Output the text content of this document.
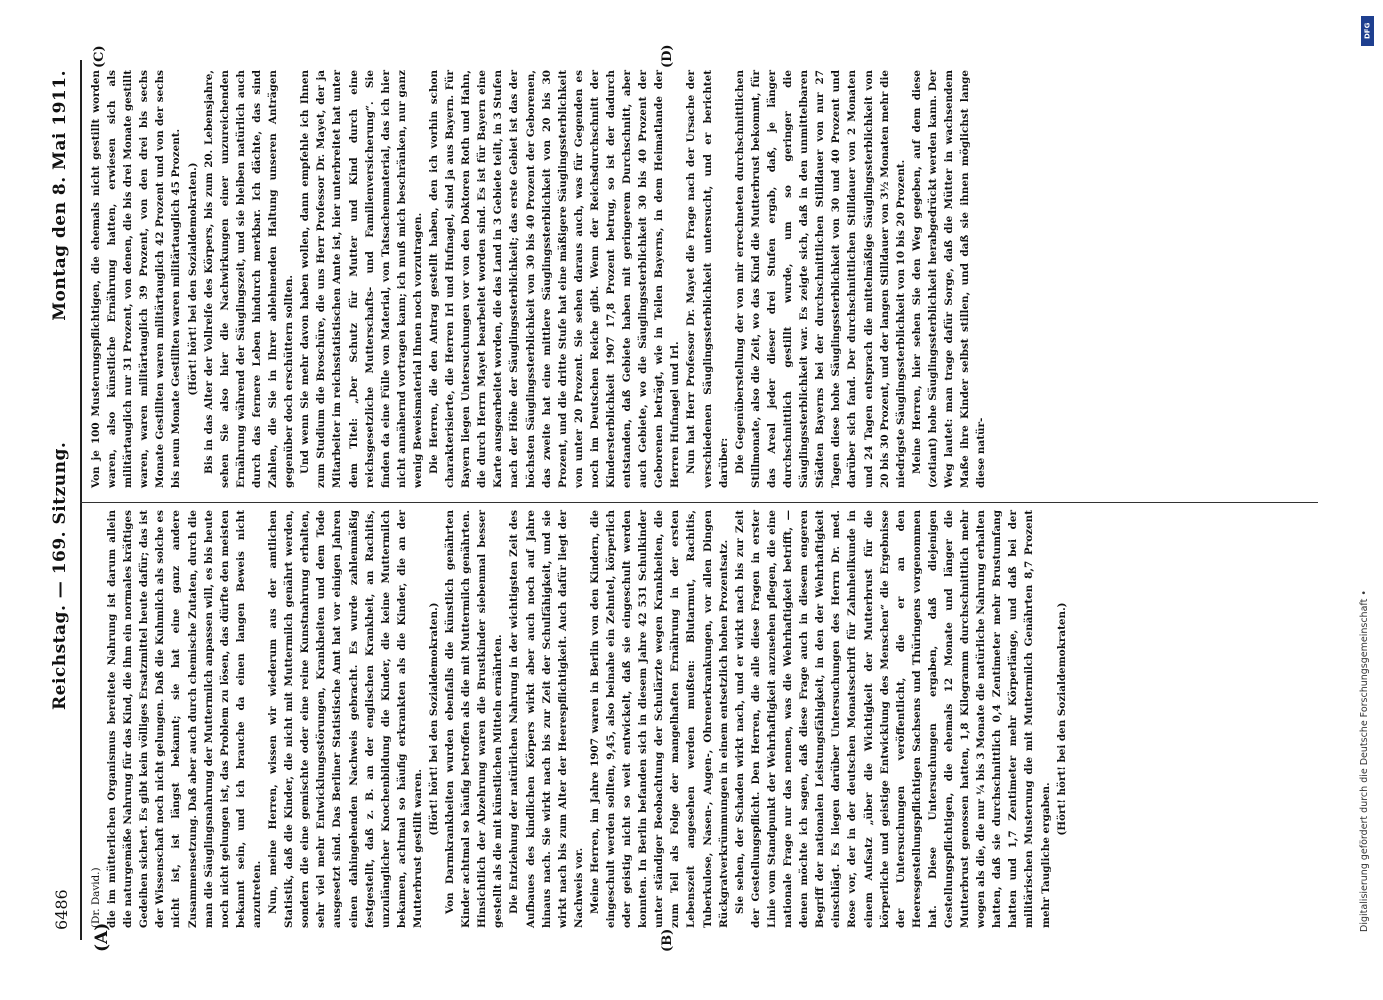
6486
Reichstag. — 169. Sitzung.
Montag den 8. Mai 1911.
(A)	(B)
(C)	(D)

(Dr. David.) die im mütterlichen Organismus bereitete Nahrung ist darum allein die naturgemäße Nahrung für das Kind, die ihm ein normales kräftiges Gedeihen sichert. Es gibt kein völliges Ersatzmittel heute dafür; das ist der Wissenschaft noch nicht gelungen. Daß die Kuhmilch als solche es nicht ist, ist längst bekannt; sie hat eine ganz andere Zusammensetzung. Daß aber auch durch chemische Zutaten, durch die man die Säuglingsnahrung der Muttermilch anpassen will, es bis heute noch nicht gelungen ist, das Problem zu lösen, das dürfte den meisten bekannt sein, und ich brauche da einen langen Beweis nicht anzutreten. Nun, meine Herren, wissen wir wiederum aus der amtlichen Statistik, daß die Kinder, die nicht mit Muttermilch genährt werden, sondern die eine gemischte oder eine reine Kunstnahrung erhalten, sehr viel mehr Entwicklungsstörungen, Krankheiten und dem Tode ausgesetzt sind. Das Berliner Statistische Amt hat vor einigen Jahren einen dahingehenden Nachweis gebracht. Es wurde zahlenmäßig festgestellt, daß z. B. an der englischen Krankheit, an Rachitis, unzulänglicher Knochenbildung die Kinder, die keine Muttermilch bekamen, achtmal so häufig erkrankten als die Kinder, die an der Mutterbrust gestillt waren.

(Hört! hört! bei den Sozialdemokraten.) Von Darmkrankheiten wurden ebenfalls die künstlich genährten Kinder achtmal so häufig betroffen als die mit Muttermilch genährten. Hinsichtlich der Abzehrung waren die Brustkinder siebenmal besser gestellt als die mit künstlichen Mitteln ernährten. Die Entziehung der natürlichen Nahrung in der wichtigsten Zeit des Aufbaues des kindlichen Körpers wirkt aber auch noch auf Jahre hinaus nach. Sie wirkt nach bis zur Zeit der Schulfähigkeit, und sie wirkt nach bis zum Alter der Heerespflichtigkeit. Auch dafür liegt der Nachweis vor. Meine Herren, im Jahre 1907 waren in Berlin von den Kindern, die eingeschult werden sollten, 9,45, also beinahe ein Zehntel, körperlich oder geistig nicht so weit entwickelt, daß sie eingeschult werden konnten. In Berlin befanden sich in diesem Jahre 42 531 Schulkinder unter ständiger Beobachtung der Schulärzte wegen Krankheiten, die zum Teil als Folge der mangelhaften Ernährung in der ersten Lebenszeit angesehen werden mußten: Blutarmut, Rachitis, Tuberkulose, Nasen-, Augen-, Ohrenerkrankungen, vor allen Dingen Rückgratverkrümmungen in einem entsetzlich hohen Prozentsatz. Sie sehen, der Schaden wirkt nach, und er wirkt nach bis zur Zeit der Gestellungspflicht. Den Herren, die alle diese Fragen in erster Linie vom Standpunkt der Wehrhaftigkeit anzusehen pflegen, die eine nationale Frage nur das nennen, was die Wehrhaftigkeit betrifft, — denen möchte ich sagen, daß diese Frage auch in diesem engeren Begriff der nationalen Leistungsfähigkeit, in den der Wehrhaftigkeit einschlägt. Es liegen darüber Untersuchungen des Herrn Dr. med. Rose vor, der in der deutschen Monatsschrift für Zahnheilkunde in einem Aufsatz „über die Wichtigkeit der Mutterbrust für die körperliche und geistige Entwicklung des Menschen“ die Ergebnisse der Untersuchungen veröffentlicht, die er an den Heeresgestellungspflichtigen Sachsens und Thüringens vorgenommen hat. Diese Untersuchungen ergaben, daß diejenigen Gestellungspflichtigen, die ehemals 12 Monate und länger die Mutterbrust genossen hatten, 1,8 Kilogramm durchschnittlich mehr wogen als die, die nur ¼ bis 3 Monate die natürliche Nahrung erhalten hatten, daß sie durchschnittlich 0,4 Zentimeter mehr Brustumfang hatten und 1,7 Zentimeter mehr Körperlänge, und daß bei der militärischen Musterung die mit Muttermilch Genährten 8,7 Prozent mehr Taugliche ergaben.

(Hört! hört! bei den Sozialdemokraten.)

Von je 100 Musterungspflichtigen, die ehemals nicht gestillt worden waren, also künstliche Ernährung hatten, erwiesen sich als militärtauglich nur 31 Prozent, von denen, die bis drei Monate gestillt waren, waren militärtauglich 39 Prozent, von den drei bis sechs Monate Gestillten waren militärtauglich 42 Prozent und von der sechs bis neun Monate Gestillten waren militärtauglich 45 Prozent. (Hört! hört! bei den Sozialdemokraten.) Bis in das Alter der Vollreife des Körpers, bis zum 20. Lebensjahre, sehen Sie also hier die Nachwirkungen einer unzureichenden Ernährung während der Säuglingszeit, und sie bleiben natürlich auch durch das fernere Leben hindurch merkbar. Ich dächte, das sind Zahlen, die Sie in Ihrer ablehnenden Haltung unseren Anträgen gegenüber doch erschüttern sollten. Und wenn Sie mehr davon haben wollen, dann empfehle ich Ihnen zum Studium die Broschüre, die uns Herr Professor Dr. Mayet, der ja Mitarbeiter im reichsstatistischen Amte ist, hier unterbreitet hat unter dem Titel: „Der Schutz für Mutter und Kind durch eine reichsgesetzliche Mutterschafts- und Familienversicherung“. Sie finden da eine Fülle von Material, von Tatsachenmaterial, das ich hier nicht annähernd vortragen kann; ich muß mich beschränken, nur ganz wenig Beweismaterial Ihnen noch vorzutragen. Die Herren, die den Antrag gestellt haben, den ich vorhin schon charakterisierte, die Herren Irl und Hufnagel, sind ja aus Bayern. Für Bayern liegen Untersuchungen vor von den Doktoren Roth und Hahn, die durch Herrn Mayet bearbeitet worden sind. Es ist für Bayern eine Karte ausgearbeitet worden, die das Land in 3 Gebiete teilt, in 3 Stufen nach der Höhe der Säuglingssterblichkeit; das erste Gebiet ist das der höchsten Säuglingssterblichkeit von 30 bis 40 Prozent der Geborenen, das zweite hat eine mittlere Säuglingssterblichkeit von 20 bis 30 Prozent, und die dritte Stufe hat eine mäßigere Säuglingssterblichkeit von unter 20 Prozent. Sie sehen daraus auch, was für Gegenden es noch im Deutschen Reiche gibt. Wenn der Reichsdurchschnitt der Kindersterblichkeit 1907 17,8 Prozent betrug, so ist der dadurch entstanden, daß Gebiete haben mit geringerem Durchschnitt, aber auch Gebiete, wo die Säuglingssterblichkeit 30 bis 40 Prozent der Geborenen beträgt, wie in Teilen Bayerns, in dem Heimatlande der Herren Hufnagel und Irl. Nun hat Herr Professor Dr. Mayet die Frage nach der Ursache der verschiedenen Säuglingssterblichkeit untersucht, und er berichtet darüber: Die Gegenüberstellung der von mir errechneten durchschnittlichen Stillmonate, also die Zeit, wo das Kind die Mutterbrust bekommt, für das Areal jeder dieser drei Stufen ergab, daß, je länger durchschnittlich gestillt wurde, um so geringer die Säuglingssterblichkeit war. Es zeigte sich, daß in den unmittelbaren Städten Bayerns bei der durchschnittlichen Stilldauer von nur 27 Tagen diese hohe Säuglingssterblichkeit von 30 und 40 Prozent und darüber sich fand. Der durchschnittlichen Stilldauer von 2 Monaten und 24 Tagen entsprach die mittelmäßige Säuglingssterblichkeit von 20 bis 30 Prozent, und der langen Stilldauer von 3½ Monaten mehr die niedrigste Säuglingssterblichkeit von 10 bis 20 Prozent. Meine Herren, hier sehen Sie den Weg gegeben, auf dem diese (zotiant) hohe Säuglingssterblichkeit herabgedrückt werden kann. Der Weg lautet: man trage dafür Sorge, daß die Mütter in wachsendem Maße ihre Kinder selbst stillen, und daß sie ihnen möglichst lange diese natür-

Digitalisierung gefördert durch die Deutsche Forschungsgemeinschaft •
DFG
